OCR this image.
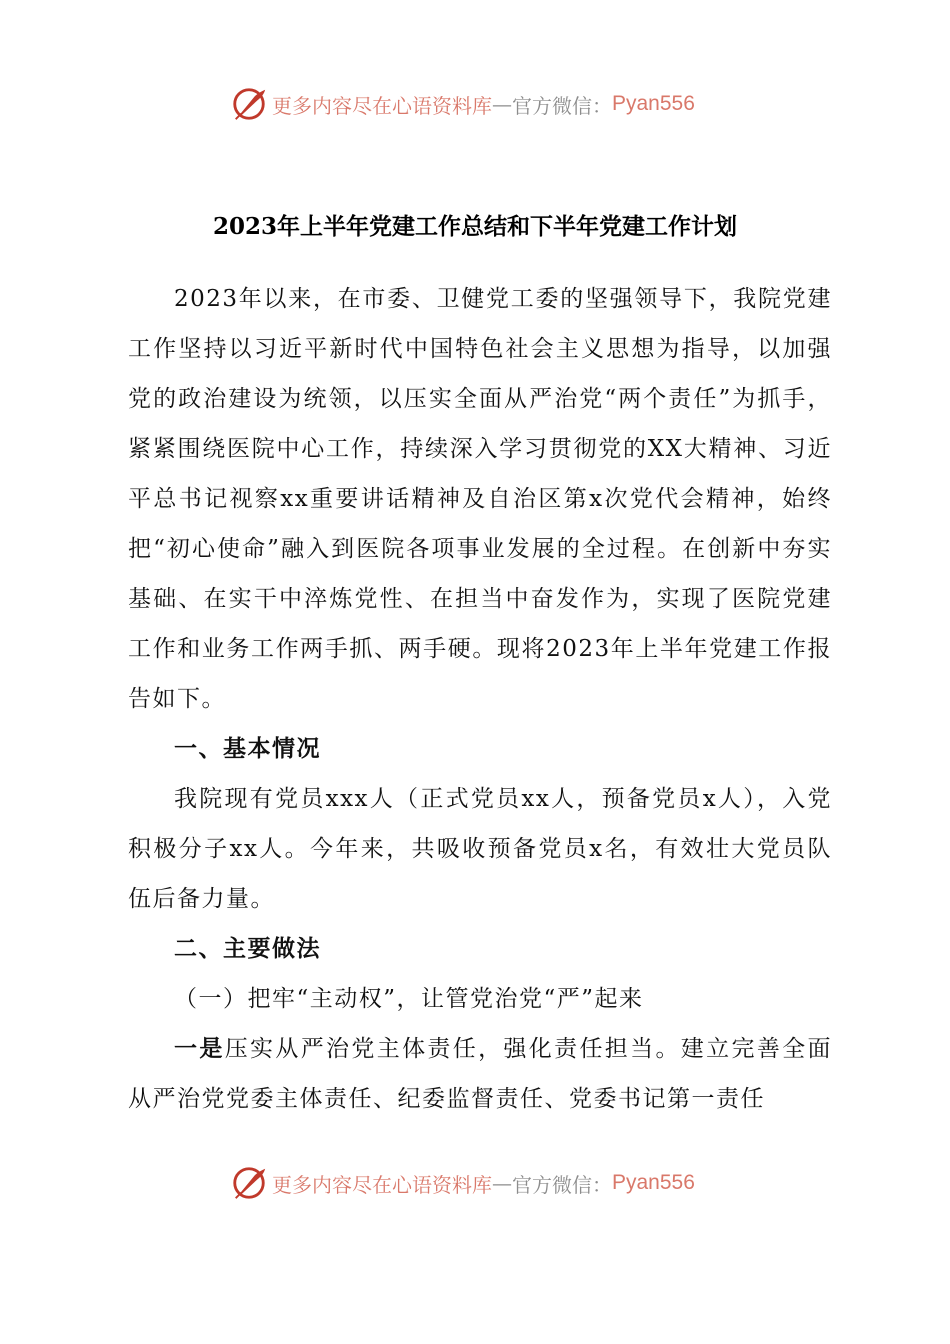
更多内容尽在心语资料库 — 官方微信： Pyan556
2023年上半年党建工作总结和下半年党建工作计划

2023年以来，在市委、卫健党工委的坚强领导下，我院党建工作坚持以习近平新时代中国特色社会主义思想为指导，以加强党的政治建设为统领，以压实全面从严治党“两个责任”为抓手，紧紧围绕医院中心工作，持续深入学习贯彻党的XX大精神、习近平总书记视察xx重要讲话精神及自治区第x次党代会精神，始终把“初心使命”融入到医院各项事业发展的全过程。在创新中夯实基础、在实干中淬炼党性、在担当中奋发作为，实现了医院党建工作和业务工作两手抓、两手硬。现将2023年上半年党建工作报告如下。

一、基本情况

我院现有党员xxx人（正式党员xx人，预备党员x人），入党积极分子xx人。今年来，共吸收预备党员x名，有效壮大党员队伍后备力量。

二、主要做法

（一）把牢“主动权”，让管党治党“严”起来

一是压实从严治党主体责任，强化责任担当。建立完善全面从严治党党委主体责任、纪委监督责任、党委书记第一责任

更多内容尽在心语资料库 — 官方微信： Pyan556
